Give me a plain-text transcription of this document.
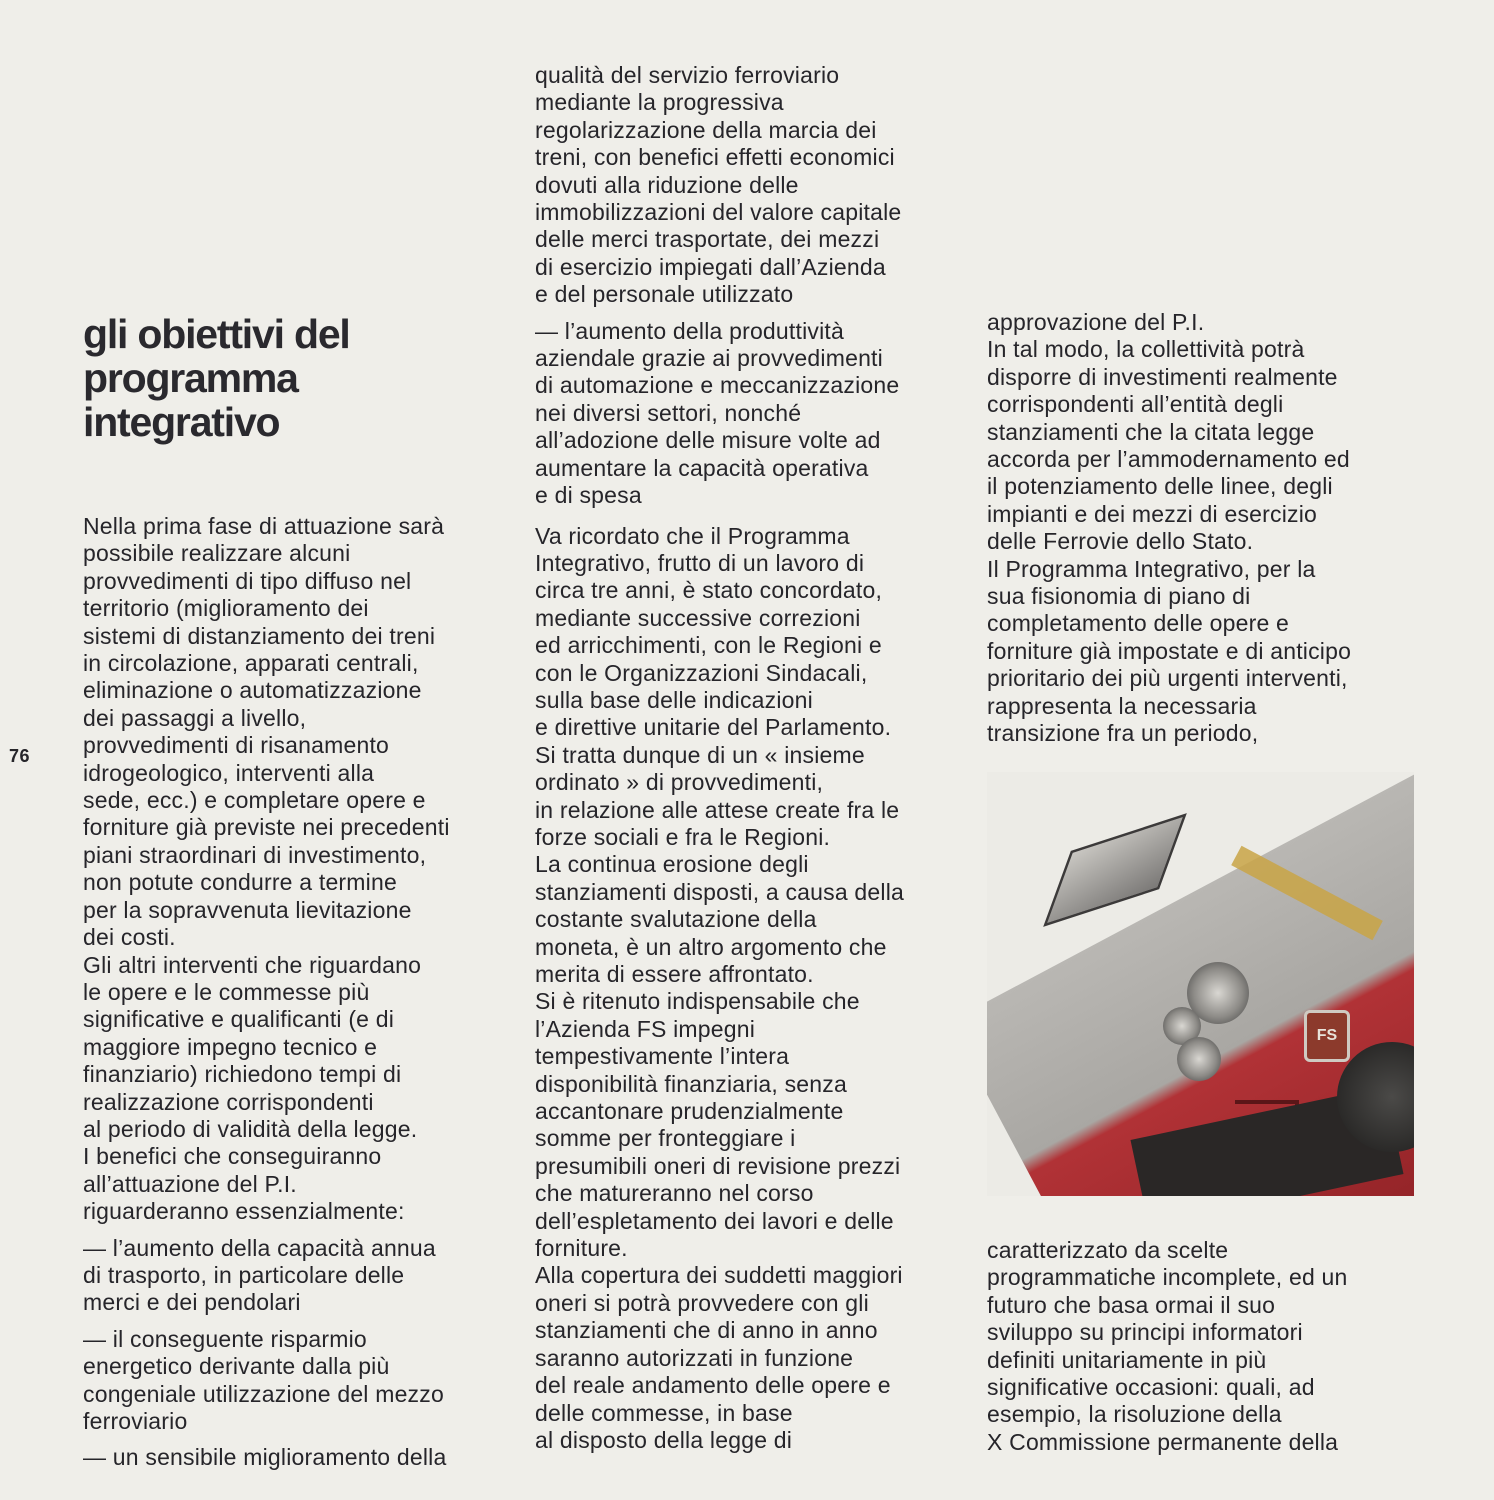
76
gli obiettivi del
programma
integrativo

Nella prima fase di attuazione sarà
possibile realizzare alcuni
provvedimenti di tipo diffuso nel
territorio (miglioramento dei
sistemi di distanziamento dei treni
in circolazione, apparati centrali,
eliminazione o automatizzazione
dei passaggi a livello,
provvedimenti di risanamento
idrogeologico, interventi alla
sede, ecc.) e completare opere e
forniture già previste nei precedenti
piani straordinari di investimento,
non potute condurre a termine
per la sopravvenuta lievitazione
dei costi.
Gli altri interventi che riguardano
le opere e le commesse più
significative e qualificanti (e di
maggiore impegno tecnico e
finanziario) richiedono tempi di
realizzazione corrispondenti
al periodo di validità della legge.
I benefici che conseguiranno
all’attuazione del P.I.
riguarderanno essenzialmente:

— l’aumento della capacità annua
di trasporto, in particolare delle
merci e dei pendolari

— il conseguente risparmio
energetico derivante dalla più
congeniale utilizzazione del mezzo
ferroviario

— un sensibile miglioramento della

qualità del servizio ferroviario
mediante la progressiva
regolarizzazione della marcia dei
treni, con benefici effetti economici
dovuti alla riduzione delle
immobilizzazioni del valore capitale
delle merci trasportate, dei mezzi
di esercizio impiegati dall’Azienda
e del personale utilizzato

— l’aumento della produttività
aziendale grazie ai provvedimenti
di automazione e meccanizzazione
nei diversi settori, nonché
all’adozione delle misure volte ad
aumentare la capacità operativa
e di spesa

Va ricordato che il Programma
Integrativo, frutto di un lavoro di
circa tre anni, è stato concordato,
mediante successive correzioni
ed arricchimenti, con le Regioni e
con le Organizzazioni Sindacali,
sulla base delle indicazioni
e direttive unitarie del Parlamento.
Si tratta dunque di un « insieme
ordinato » di provvedimenti,
in relazione alle attese create fra le
forze sociali e fra le Regioni.
La continua erosione degli
stanziamenti disposti, a causa della
costante svalutazione della
moneta, è un altro argomento che
merita di essere affrontato.
Si è ritenuto indispensabile che
l’Azienda FS impegni
tempestivamente l’intera
disponibilità finanziaria, senza
accantonare prudenzialmente
somme per fronteggiare i
presumibili oneri di revisione prezzi
che matureranno nel corso
dell’espletamento dei lavori e delle
forniture.
Alla copertura dei suddetti maggiori
oneri si potrà provvedere con gli
stanziamenti che di anno in anno
saranno autorizzati in funzione
del reale andamento delle opere e
delle commesse, in base
al disposto della legge di

approvazione del P.I.
In tal modo, la collettività potrà
disporre di investimenti realmente
corrispondenti all’entità degli
stanziamenti che la citata legge
accorda per l’ammodernamento ed
il potenziamento delle linee, degli
impianti e dei mezzi di esercizio
delle Ferrovie dello Stato.
Il Programma Integrativo, per la
sua fisionomia di piano di
completamento delle opere e
forniture già impostate e di anticipo
prioritario dei più urgenti interventi,
rappresenta la necessaria
transizione fra un periodo,

FS

caratterizzato da scelte
programmatiche incomplete, ed un
futuro che basa ormai il suo
sviluppo su principi informatori
definiti unitariamente in più
significative occasioni: quali, ad
esempio, la risoluzione della
X Commissione permanente della
